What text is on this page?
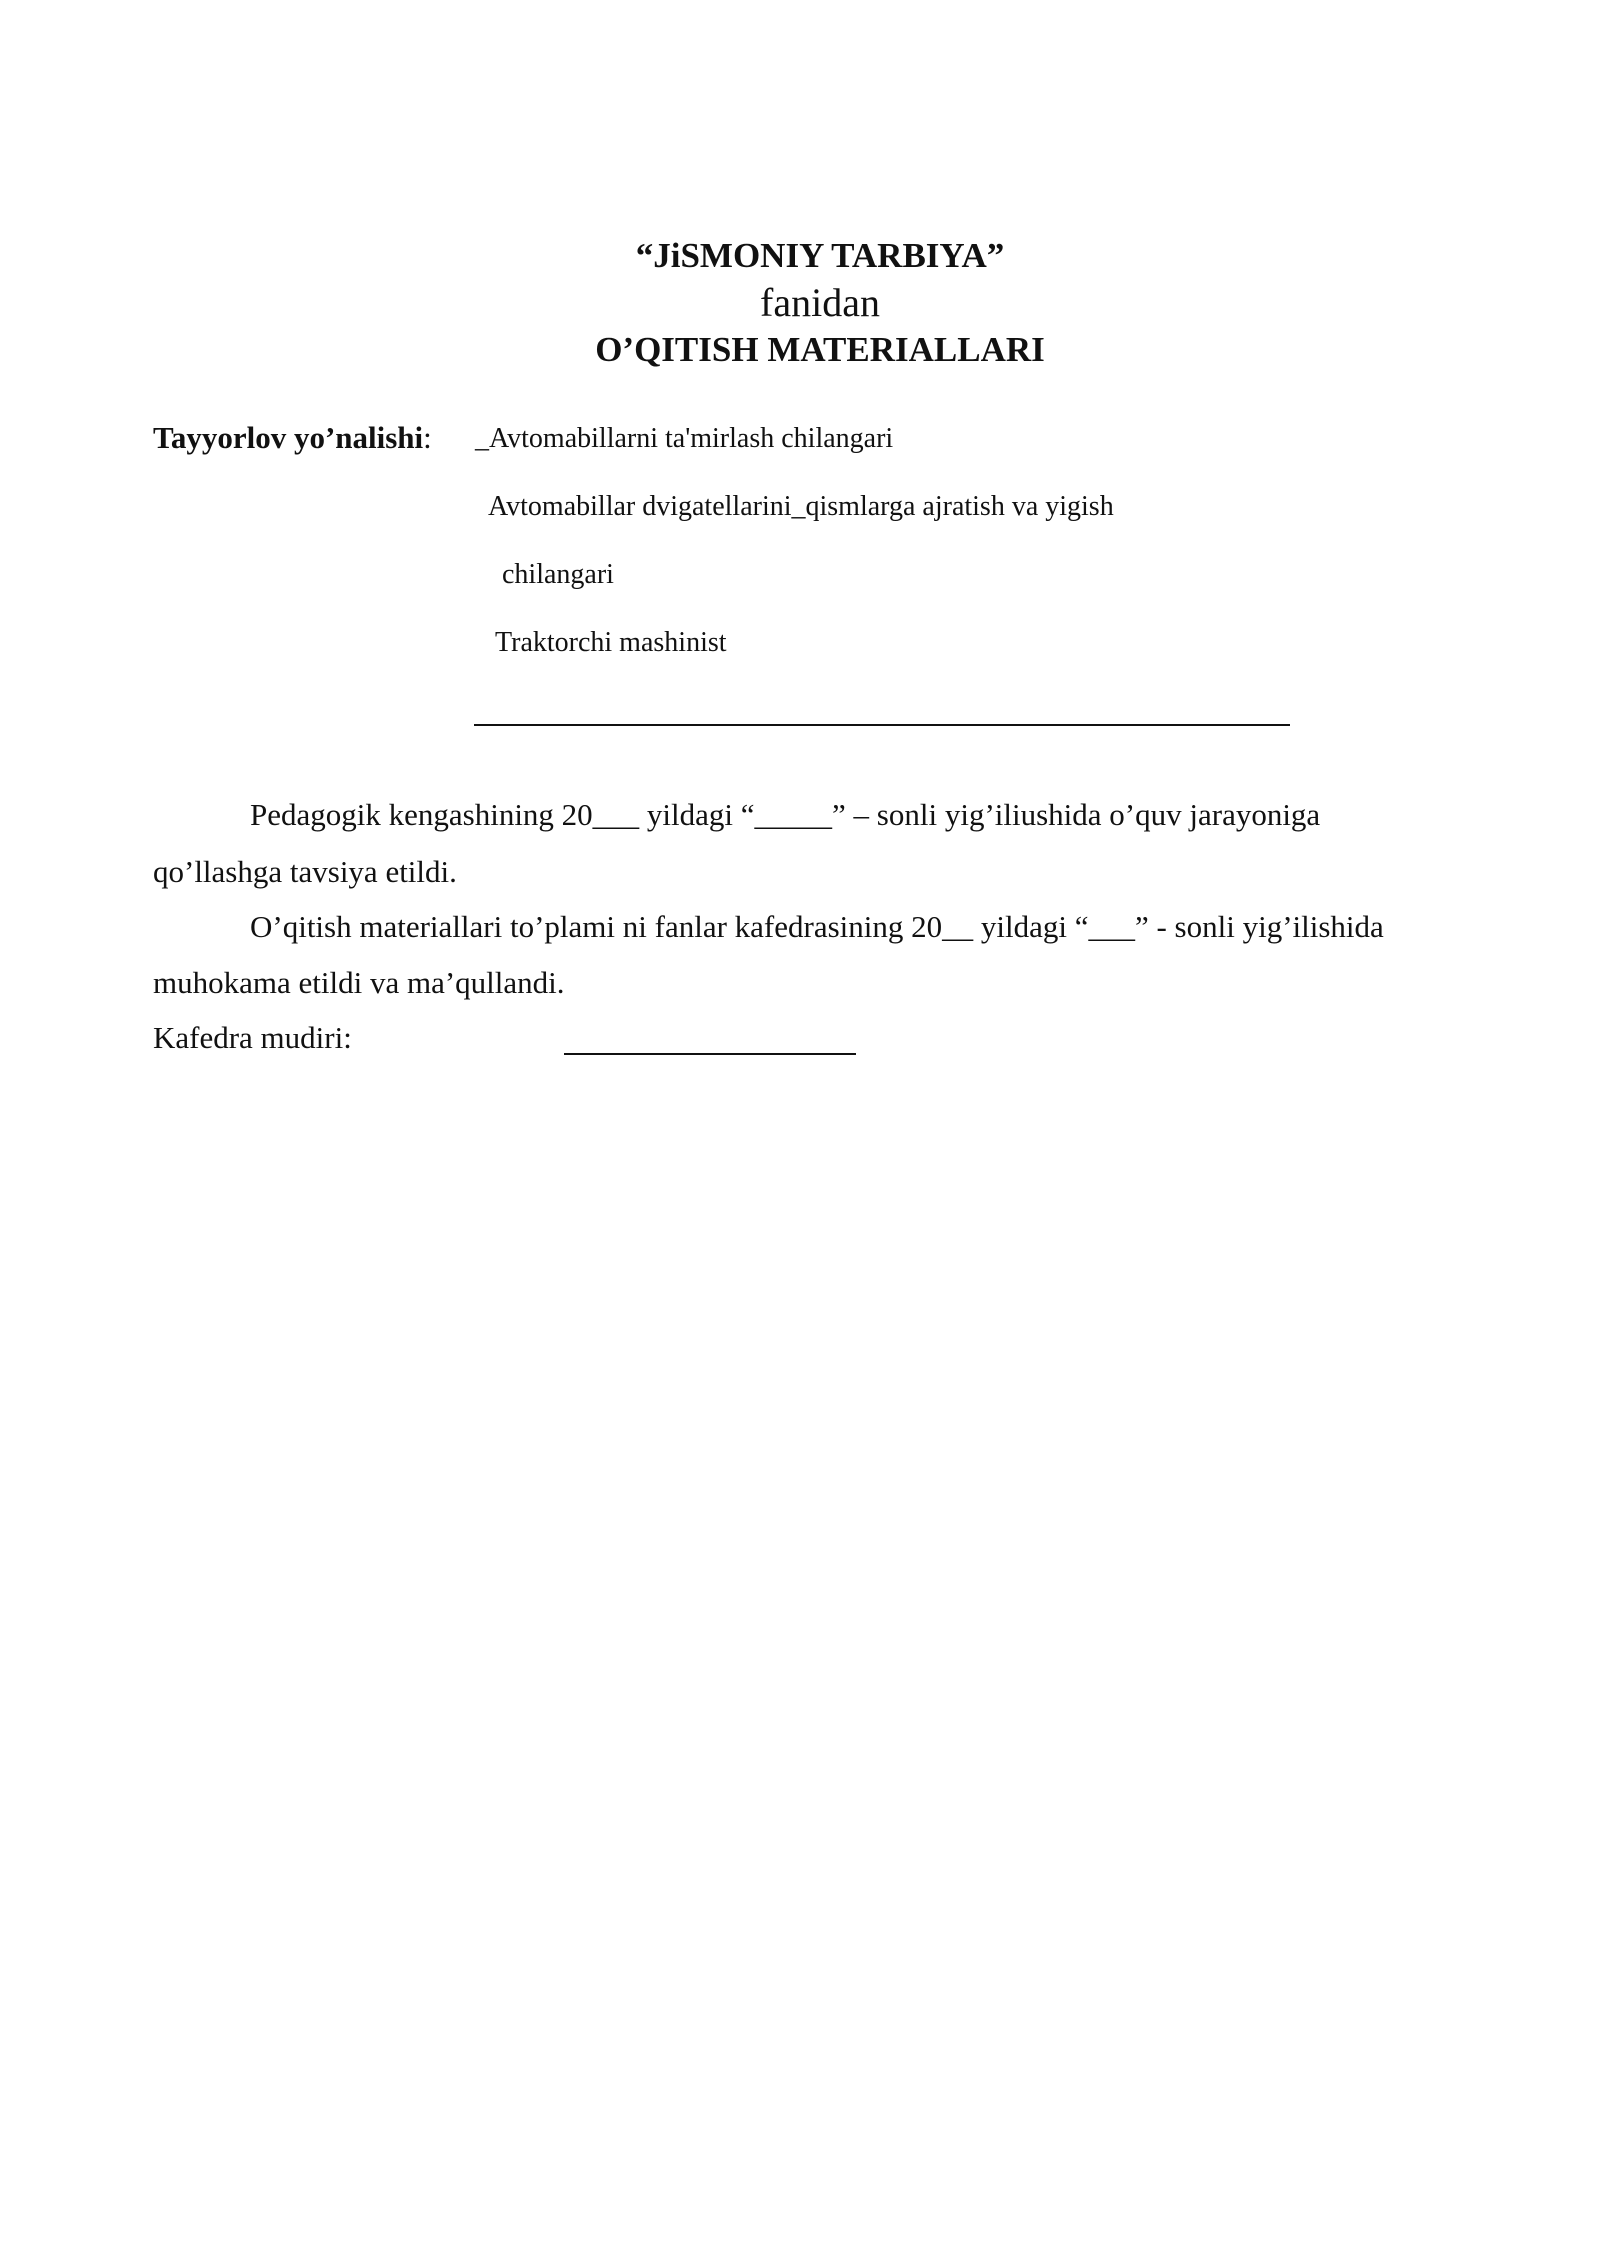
“JiSMONIY TARBIYA”
fanidan
O’QITISH MATERIALLARI
Tayyorlov yo’nalishi: _Avtomabillarni ta'mirlash chilangari
Avtomabillar dvigatellarini_qismlarga ajratish va yigish
chilangari
Traktorchi mashinist
Pedagogik kengashining 20___ yildagi “_____” – sonli yig’iliushida o’quv jarayoniga
qo’llashga tavsiya etildi.
O’qitish materiallari to’plami ni fanlar kafedrasining 20__ yildagi “___” - sonli yig’ilishida
muhokama etildi va ma’qullandi.
Kafedra mudiri:
